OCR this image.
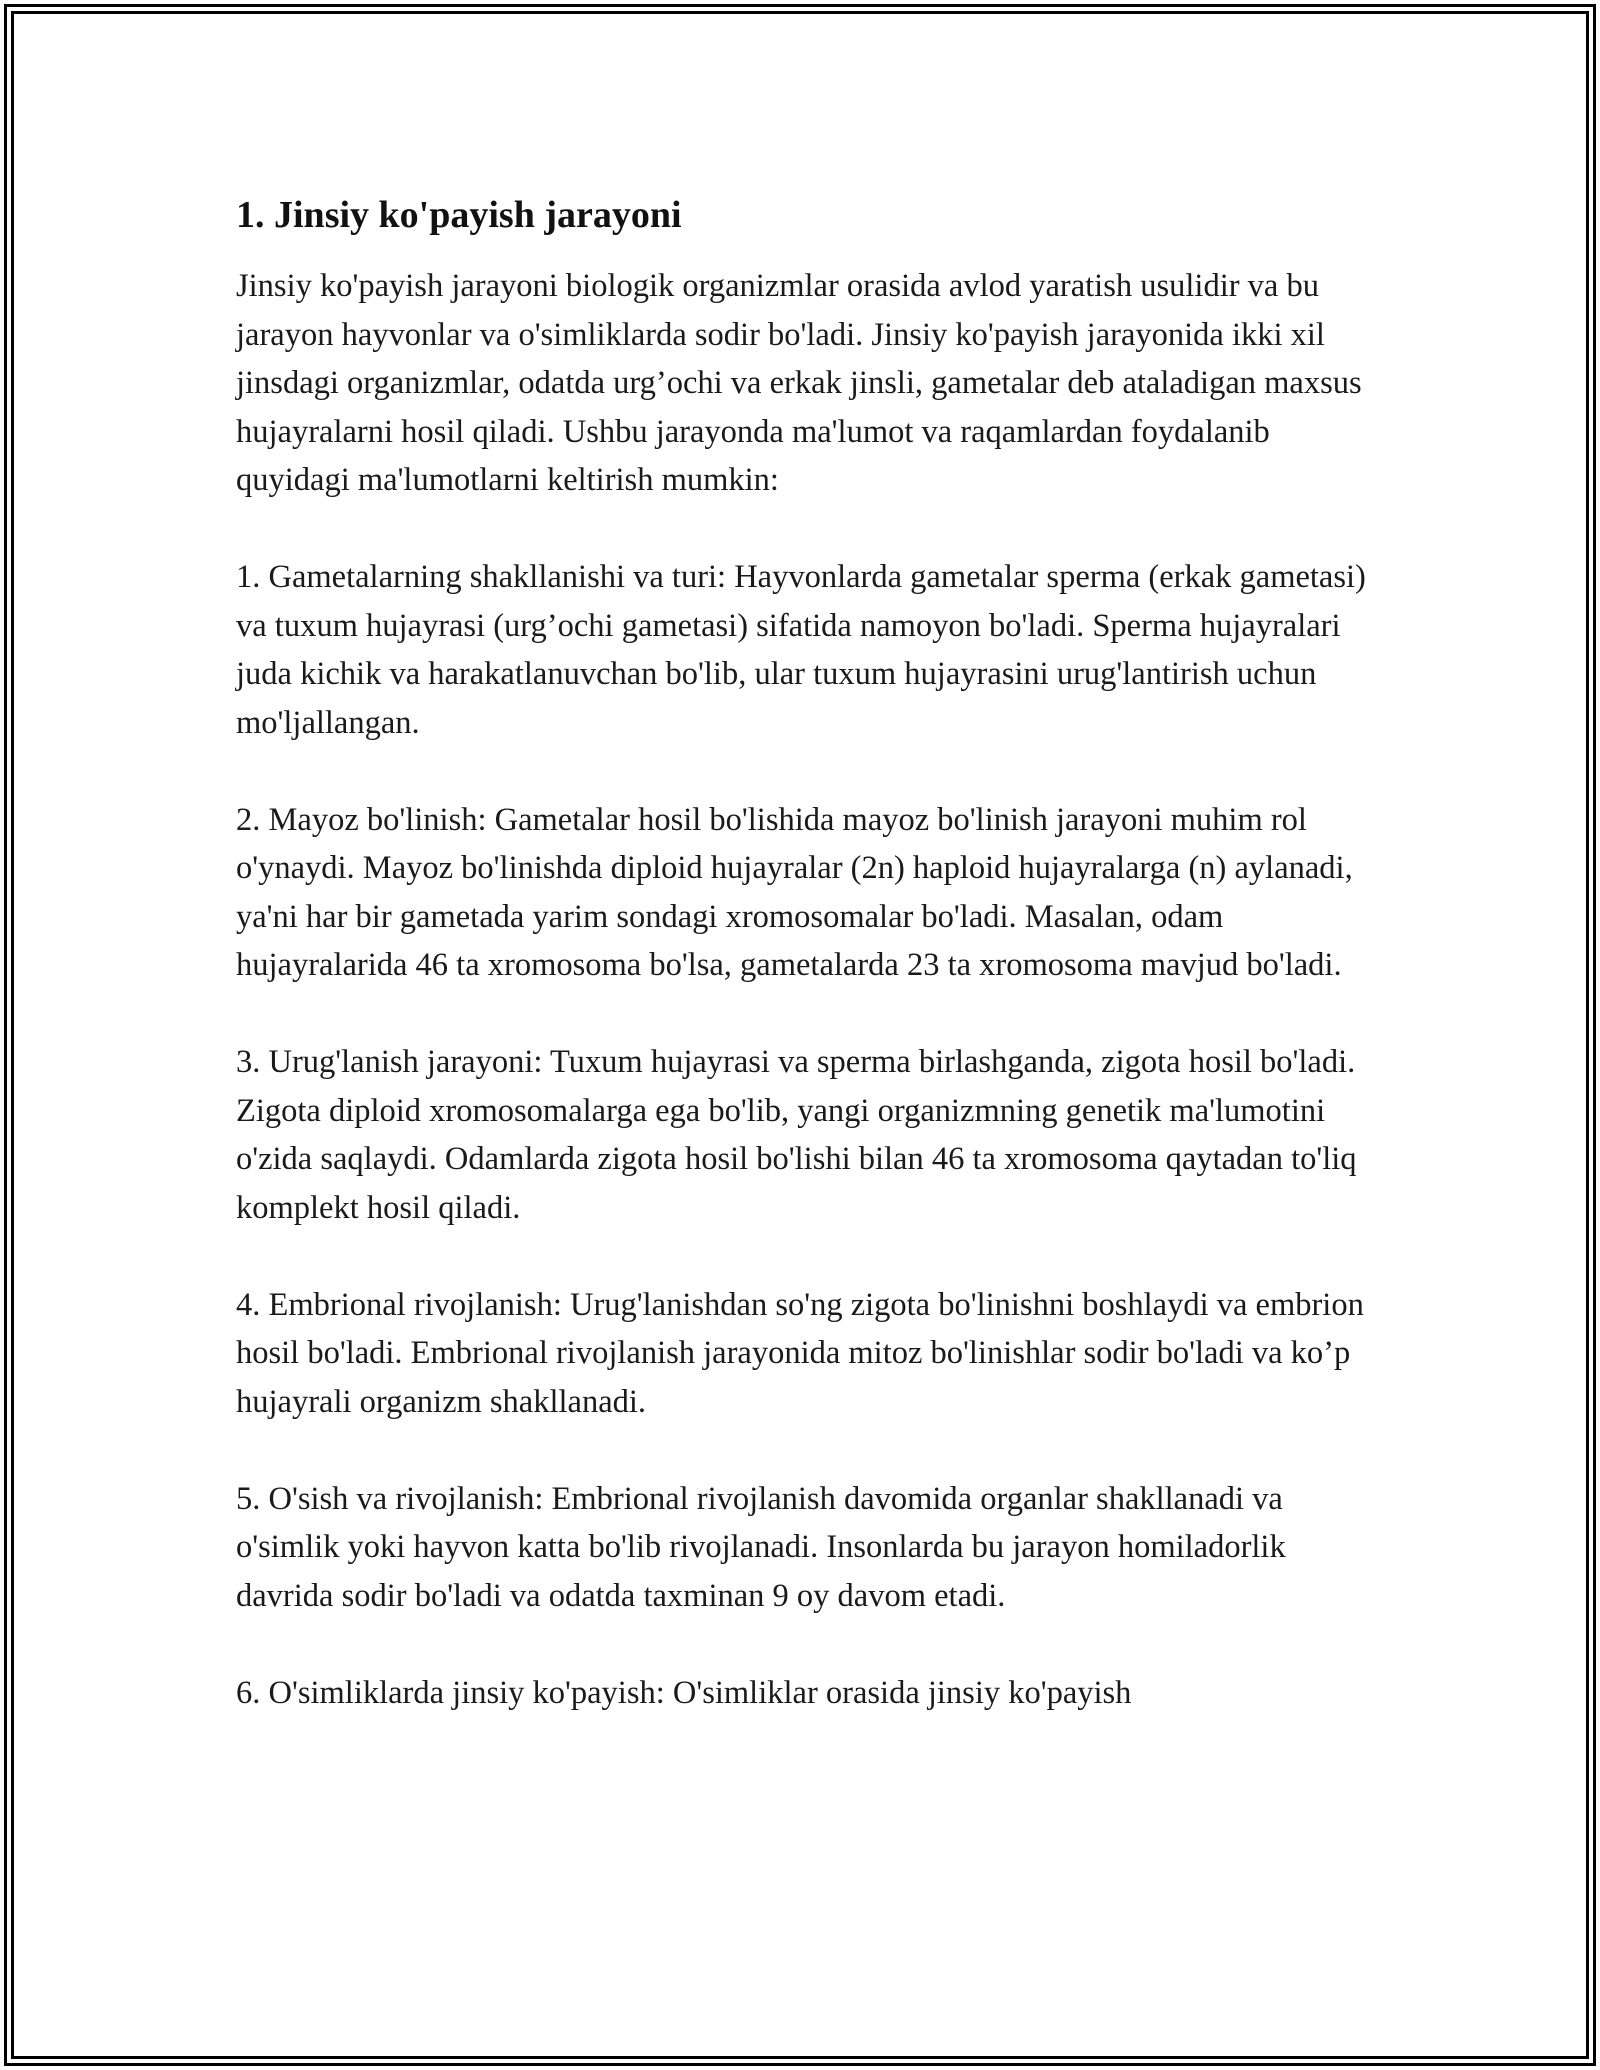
1. Jinsiy ko'payish jarayoni

Jinsiy ko'payish jarayoni biologik organizmlar orasida avlod yaratish usulidir va bu jarayon hayvonlar va o'simliklarda sodir bo'ladi. Jinsiy ko'payish jarayonida ikki xil jinsdagi organizmlar, odatda urg’ochi va erkak jinsli, gametalar deb ataladigan maxsus hujayralarni hosil qiladi. Ushbu jarayonda ma'lumot va raqamlardan foydalanib quyidagi ma'lumotlarni keltirish mumkin:

1. Gametalarning shakllanishi va turi: Hayvonlarda gametalar sperma (erkak gametasi) va tuxum hujayrasi (urg’ochi gametasi) sifatida namoyon bo'ladi. Sperma hujayralari juda kichik va harakatlanuvchan bo'lib, ular tuxum hujayrasini urug'lantirish uchun mo'ljallangan.

2. Mayoz bo'linish: Gametalar hosil bo'lishida mayoz bo'linish jarayoni muhim rol o'ynaydi. Mayoz bo'linishda diploid hujayralar (2n) haploid hujayralarga (n) aylanadi, ya'ni har bir gametada yarim sondagi xromosomalar bo'ladi. Masalan, odam hujayralarida 46 ta xromosoma bo'lsa, gametalarda 23 ta xromosoma mavjud bo'ladi.

3. Urug'lanish jarayoni: Tuxum hujayrasi va sperma birlashganda, zigota hosil bo'ladi. Zigota diploid xromosomalarga ega bo'lib, yangi organizmning genetik ma'lumotini o'zida saqlaydi. Odamlarda zigota hosil bo'lishi bilan 46 ta xromosoma qaytadan to'liq komplekt hosil qiladi.

4. Embrional rivojlanish: Urug'lanishdan so'ng zigota bo'linishni boshlaydi va embrion hosil bo'ladi. Embrional rivojlanish jarayonida mitoz bo'linishlar sodir bo'ladi va ko’p hujayrali organizm shakllanadi.

5. O'sish va rivojlanish: Embrional rivojlanish davomida organlar shakllanadi va o'simlik yoki hayvon katta bo'lib rivojlanadi. Insonlarda bu jarayon homiladorlik davrida sodir bo'ladi va odatda taxminan 9 oy davom etadi.

6. O'simliklarda jinsiy ko'payish: O'simliklar orasida jinsiy ko'payish
